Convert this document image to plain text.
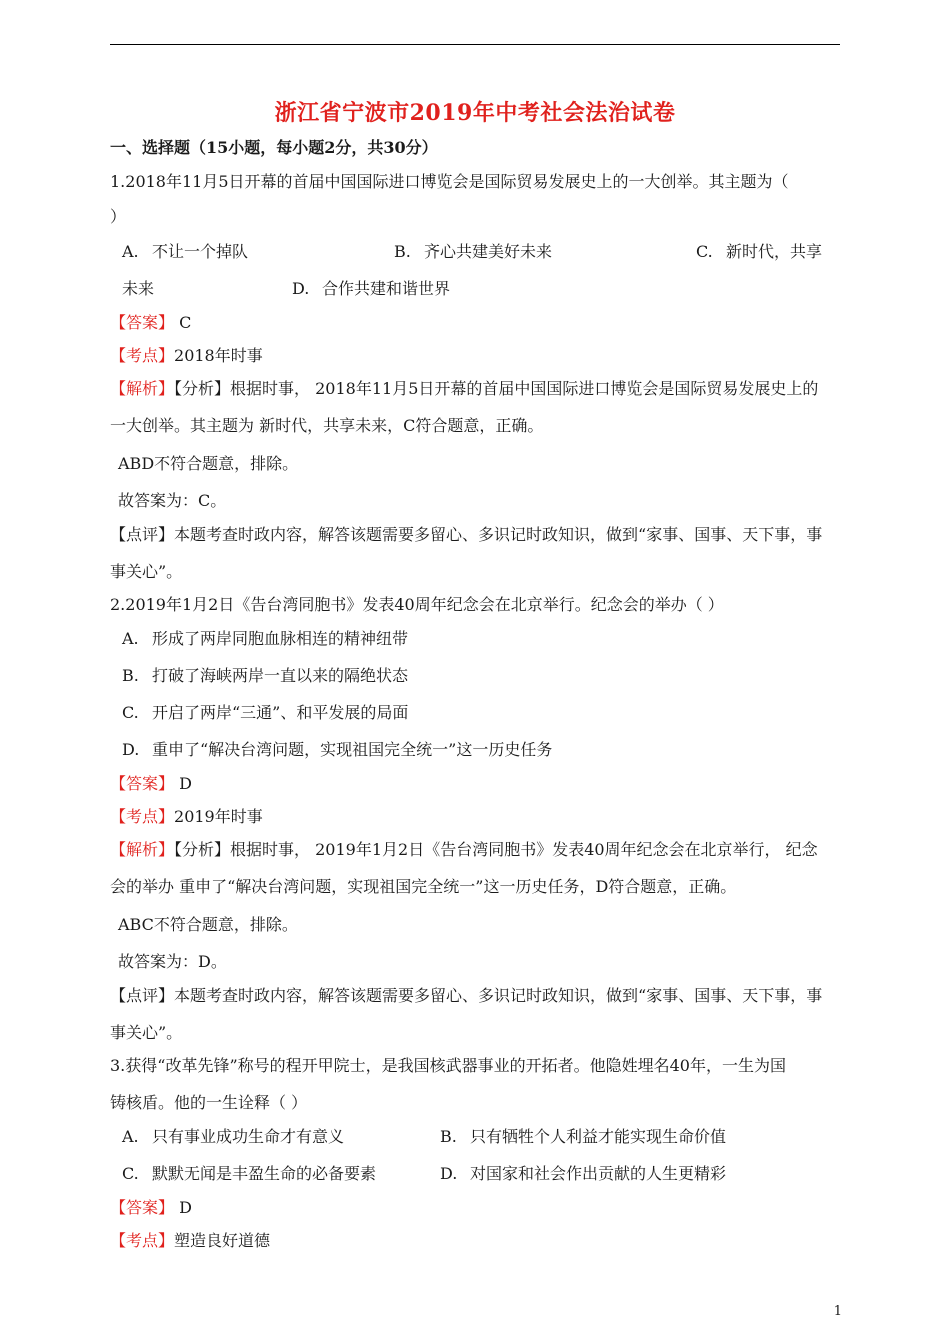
浙江省宁波市2019年中考社会法治试卷
一、选择题（15小题，每小题2分，共30分）
1.2018年11月5日开幕的首届中国国际进口博览会是国际贸易发展史上的一大创举。其主题为（
）
A. 不让一个掉队	B. 齐心共建美好未来	C. 新时代，共享
未来	D. 合作共建和谐世界
【答案】 C
【考点】2018年时事
【解析】【分析】根据时事， 2018年11月5日开幕的首届中国国际进口博览会是国际贸易发展史上的
一大创举。其主题为 新时代，共享未来，C符合题意，正确。
ABD不符合题意，排除。
故答案为：C。
【点评】本题考查时政内容，解答该题需要多留心、多识记时政知识，做到“家事、国事、天下事，事
事关心”。
2.2019年1月2日《告台湾同胞书》发表40周年纪念会在北京举行。纪念会的举办（ ）
A. 形成了两岸同胞血脉相连的精神纽带
B. 打破了海峡两岸一直以来的隔绝状态
C. 开启了两岸“三通”、和平发展的局面
D. 重申了“解决台湾问题，实现祖国完全统一”这一历史任务
【答案】 D
【考点】2019年时事
【解析】【分析】根据时事， 2019年1月2日《告台湾同胞书》发表40周年纪念会在北京举行， 纪念
会的举办 重申了“解决台湾问题，实现祖国完全统一”这一历史任务，D符合题意，正确。
ABC不符合题意，排除。
故答案为：D。
【点评】本题考查时政内容，解答该题需要多留心、多识记时政知识，做到“家事、国事、天下事，事
事关心”。
3.获得“改革先锋”称号的程开甲院士，是我国核武器事业的开拓者。他隐姓埋名40年，一生为国
铸核盾。他的一生诠释（ ）
A. 只有事业成功生命才有意义	B. 只有牺牲个人利益才能实现生命价值
C. 默默无闻是丰盈生命的必备要素	D. 对国家和社会作出贡献的人生更精彩
【答案】 D
【考点】塑造良好道德
1
